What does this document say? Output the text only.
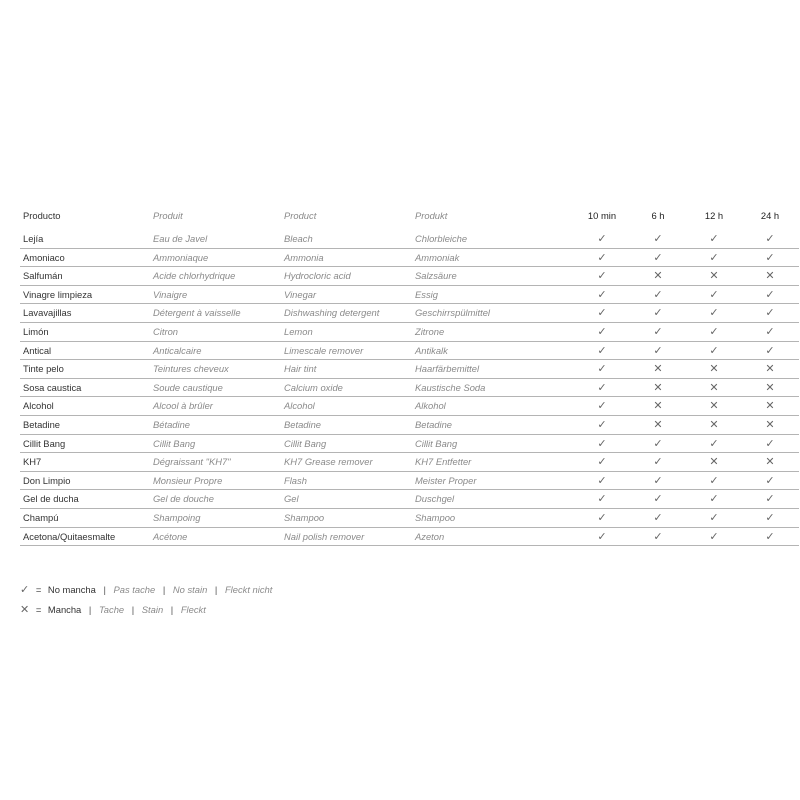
Producto	Produit	Product	Produkt	10 min	6 h	12 h	24 h
Lejía	Eau de Javel	Bleach	Chlorbleiche	✓	✓	✓	✓
Amoniaco	Ammoniaque	Ammonia	Ammoniak	✓	✓	✓	✓
Salfumán	Acide chlorhydrique	Hydrocloric acid	Salzsäure	✓	✕	✕	✕
Vinagre limpieza	Vinaigre	Vinegar	Essig	✓	✓	✓	✓
Lavavajillas	Détergent à vaisselle	Dishwashing detergent	Geschirrspülmittel	✓	✓	✓	✓
Limón	Citron	Lemon	Zitrone	✓	✓	✓	✓
Antical	Anticalcaire	Limescale remover	Antikalk	✓	✓	✓	✓
Tinte pelo	Teintures cheveux	Hair tint	Haarfärbemittel	✓	✕	✕	✕
Sosa caustica	Soude caustique	Calcium oxide	Kaustische Soda	✓	✕	✕	✕
Alcohol	Alcool à brûler	Alcohol	Alkohol	✓	✕	✕	✕
Betadine	Bétadine	Betadine	Betadine	✓	✕	✕	✕
Cillit Bang	Cillit Bang	Cillit Bang	Cillit Bang	✓	✓	✓	✓
KH7	Dégraissant "KH7"	KH7 Grease remover	KH7 Entfetter	✓	✓	✕	✕
Don Limpio	Monsieur Propre	Flash	Meister Proper	✓	✓	✓	✓
Gel de ducha	Gel de douche	Gel	Duschgel	✓	✓	✓	✓
Champú	Shampoing	Shampoo	Shampoo	✓	✓	✓	✓
Acetona/Quitaesmalte	Acétone	Nail polish remover	Azeton	✓	✓	✓	✓
✓ = No mancha | Pas tache | No stain | Fleckt nicht
✕ = Mancha | Tache | Stain | Fleckt
